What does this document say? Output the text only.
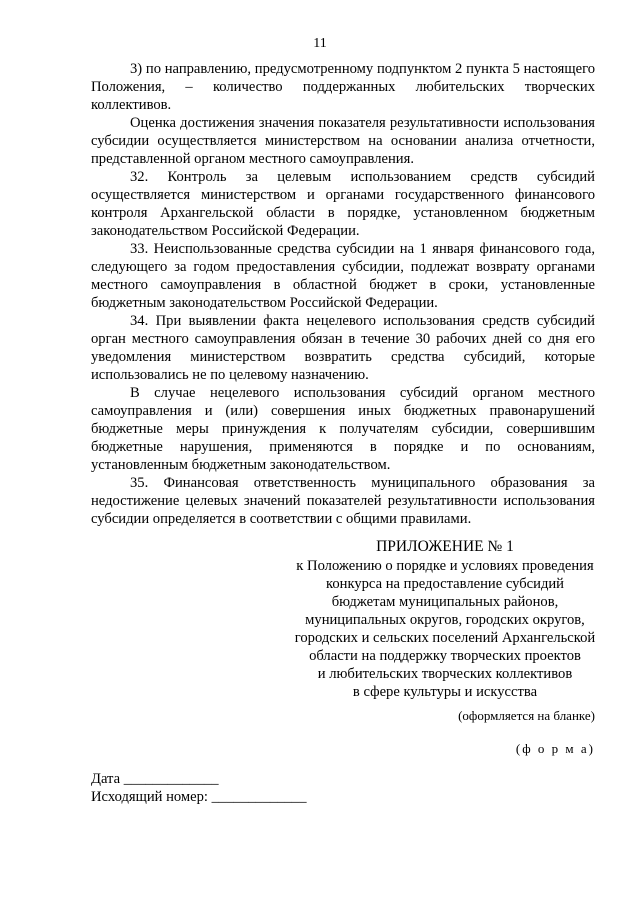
11

3) по направлению, предусмотренному подпунктом 2 пункта 5 настоящего Положения, – количество поддержанных любительских творческих коллективов.

Оценка достижения значения показателя результативности использования субсидии осуществляется министерством на основании анализа отчетности, представленной органом местного самоуправления.

32. Контроль за целевым использованием средств субсидий осуществляется министерством и органами государственного финансового контроля Архангельской области в порядке, установленном бюджетным законодательством Российской Федерации.

33. Неиспользованные средства субсидии на 1 января финансового года, следующего за годом предоставления субсидии, подлежат возврату органами местного самоуправления в областной бюджет в сроки, установленные бюджетным законодательством Российской Федерации.

34. При выявлении факта нецелевого использования средств субсидий орган местного самоуправления обязан в течение 30 рабочих дней со дня его уведомления министерством возвратить средства субсидий, которые использовались не по целевому назначению.

В случае нецелевого использования субсидий органом местного самоуправления и (или) совершения иных бюджетных правонарушений бюджетные меры принуждения к получателям субсидии, совершившим бюджетные нарушения, применяются в порядке и по основаниям, установленным бюджетным законодательством.

35. Финансовая ответственность муниципального образования за недостижение целевых значений показателей результативности использования субсидии определяется в соответствии с общими правилами.

ПРИЛОЖЕНИЕ № 1

к Положению о порядке и условиях проведения

конкурса на предоставление субсидий

бюджетам муниципальных районов,

муниципальных округов, городских округов,

городских и сельских поселений Архангельской

области на поддержку творческих проектов

и любительских творческих коллективов

в сфере культуры и искусства

(оформляется на бланке)
(ф о р м а)
Дата _____________
Исходящий номер: _____________
